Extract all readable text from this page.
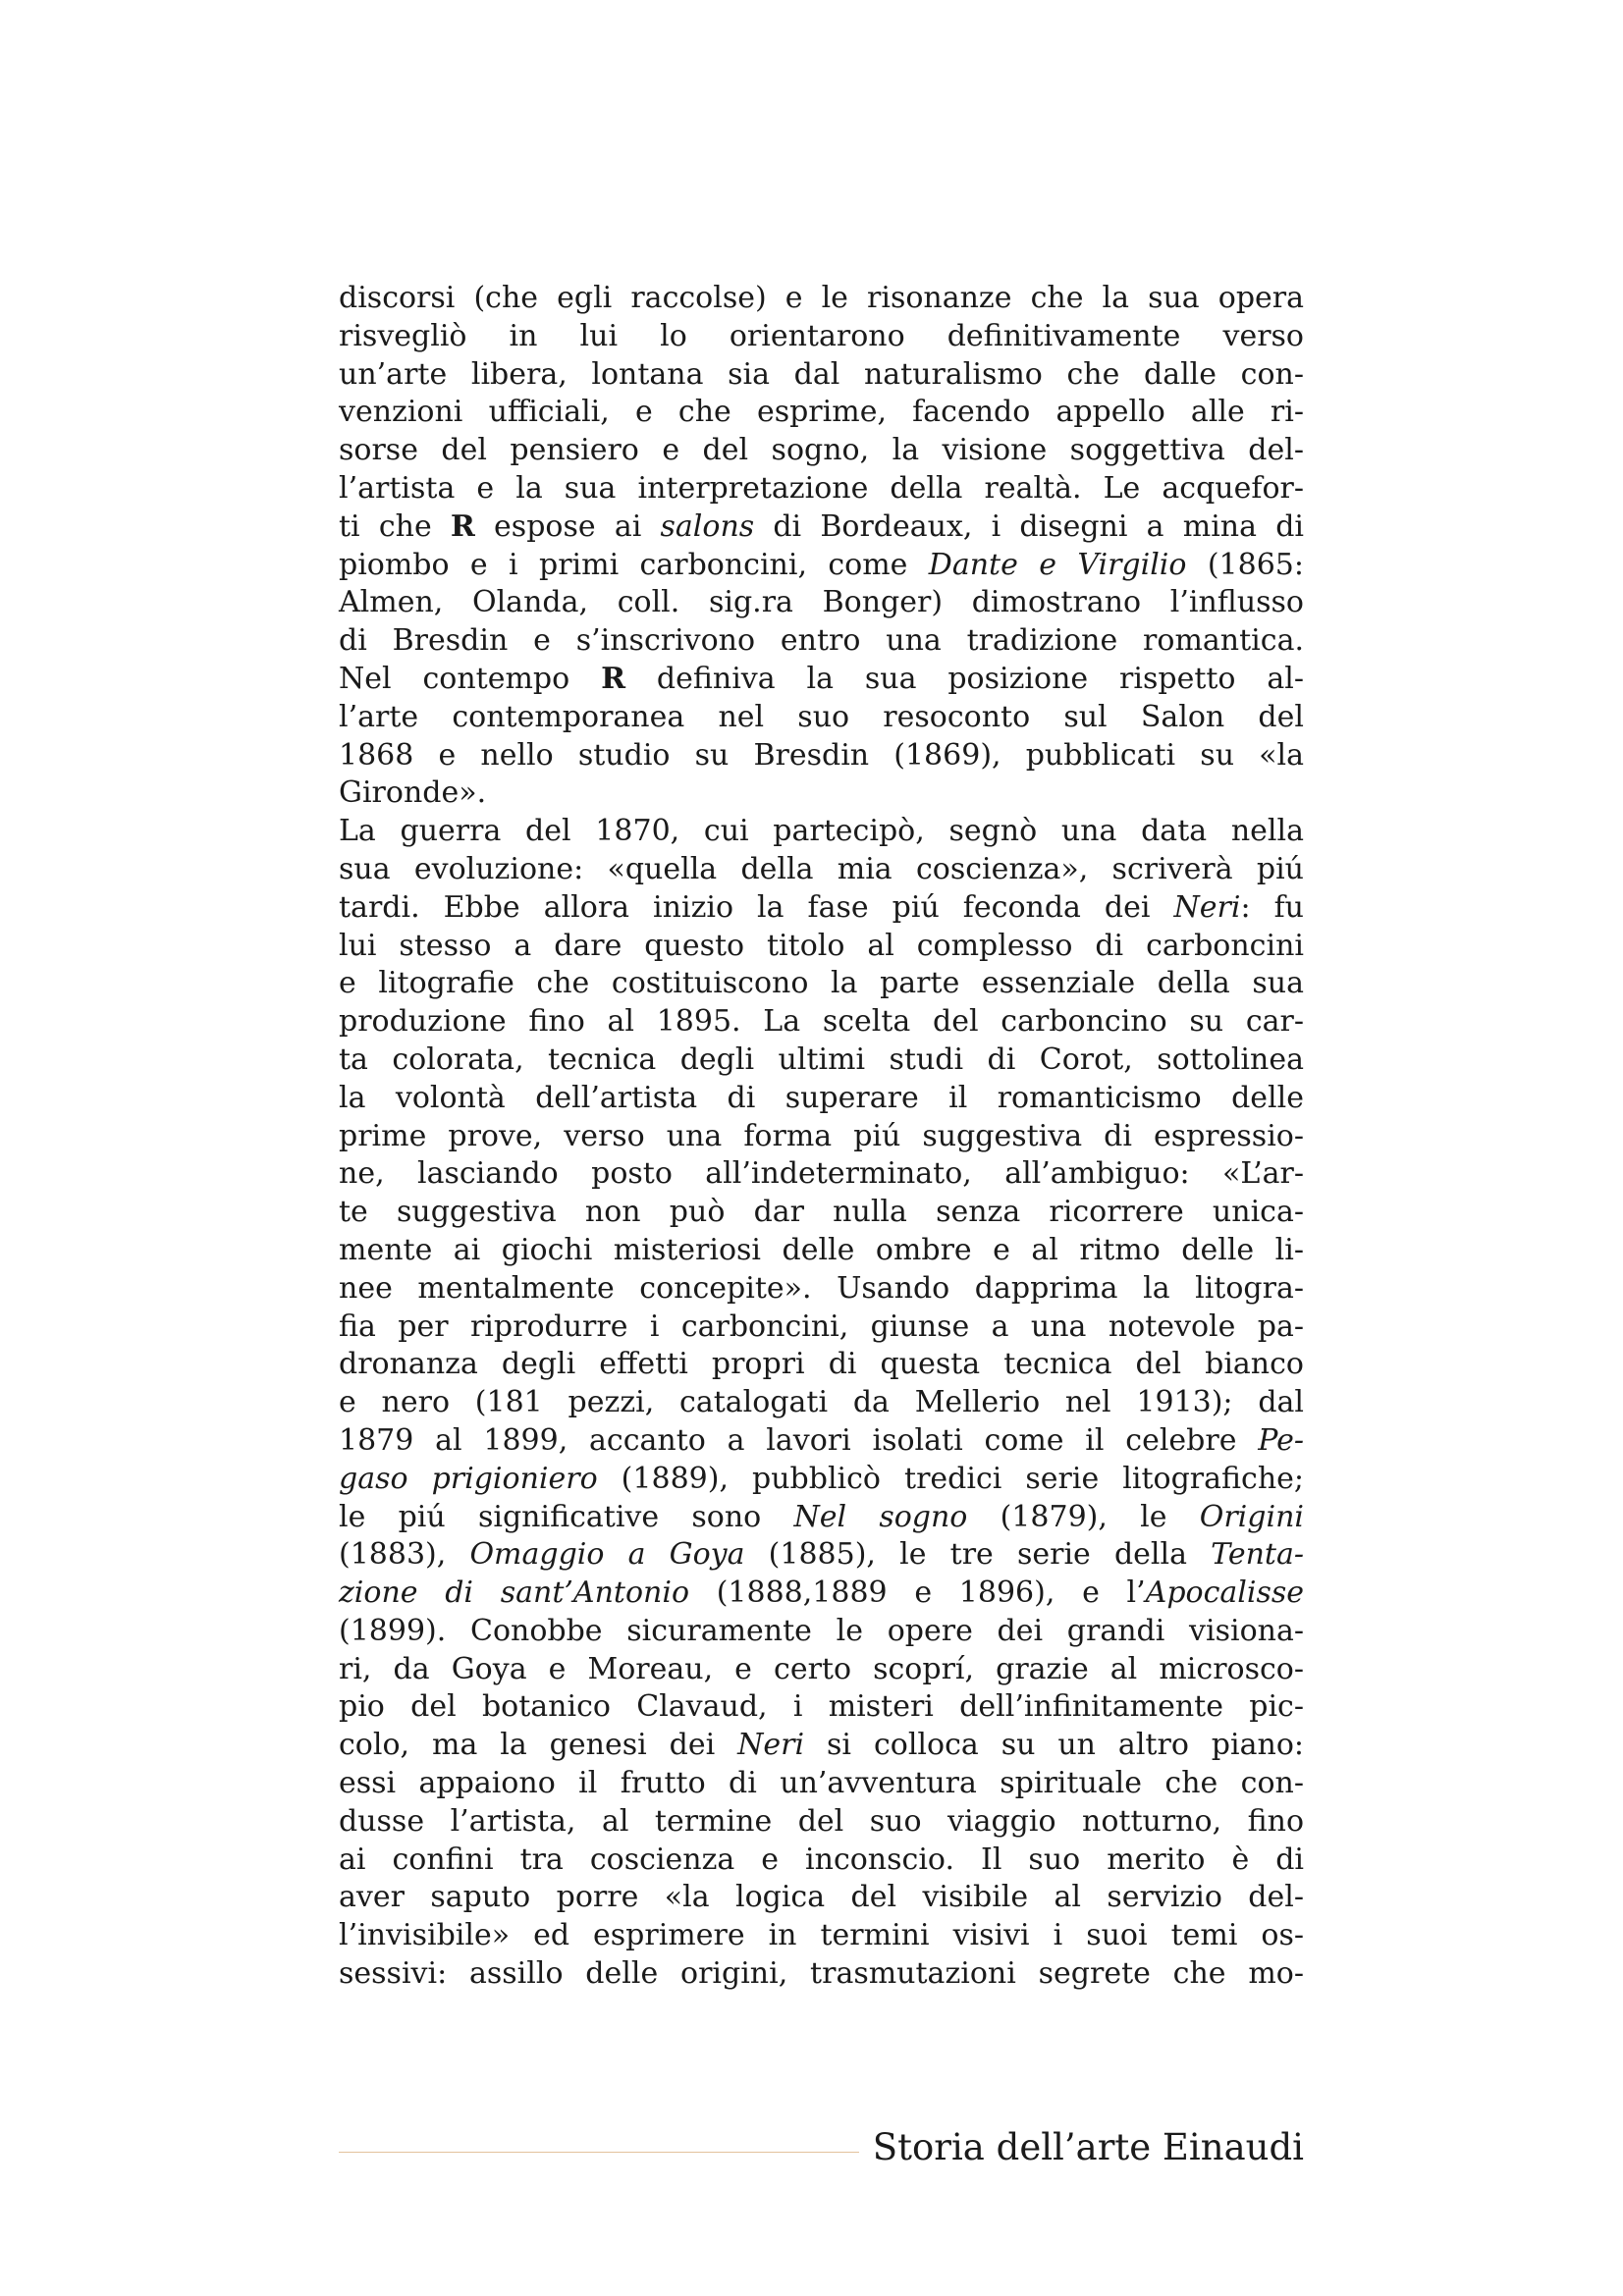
discorsi (che egli raccolse) e le risonanze che la sua opera
risvegliò in lui lo orientarono definitivamente verso
un’arte libera, lontana sia dal naturalismo che dalle con-
venzioni ufficiali, e che esprime, facendo appello alle ri-
sorse del pensiero e del sogno, la visione soggettiva del-
l’artista e la sua interpretazione della realtà. Le acquefor-
ti che R espose ai salons di Bordeaux, i disegni a mina di
piombo e i primi carboncini, come Dante e Virgilio (1865:
Almen, Olanda, coll. sig.ra Bonger) dimostrano l’influsso
di Bresdin e s’inscrivono entro una tradizione romantica.
Nel contempo R definiva la sua posizione rispetto al-
l’arte contemporanea nel suo resoconto sul Salon del
1868 e nello studio su Bresdin (1869), pubblicati su «la
Gironde».
La guerra del 1870, cui partecipò, segnò una data nella
sua evoluzione: «quella della mia coscienza», scriverà piú
tardi. Ebbe allora inizio la fase piú feconda dei Neri: fu
lui stesso a dare questo titolo al complesso di carboncini
e litografie che costituiscono la parte essenziale della sua
produzione fino al 1895. La scelta del carboncino su car-
ta colorata, tecnica degli ultimi studi di Corot, sottolinea
la volontà dell’artista di superare il romanticismo delle
prime prove, verso una forma piú suggestiva di espressio-
ne, lasciando posto all’indeterminato, all’ambiguo: «L’ar-
te suggestiva non può dar nulla senza ricorrere unica-
mente ai giochi misteriosi delle ombre e al ritmo delle li-
nee mentalmente concepite». Usando dapprima la litogra-
fia per riprodurre i carboncini, giunse a una notevole pa-
dronanza degli effetti propri di questa tecnica del bianco
e nero (181 pezzi, catalogati da Mellerio nel 1913); dal
1879 al 1899, accanto a lavori isolati come il celebre Pe-
gaso prigioniero (1889), pubblicò tredici serie litografiche;
le piú significative sono Nel sogno (1879), le Origini
(1883), Omaggio a Goya (1885), le tre serie della Tenta-
zione di sant’Antonio (1888,1889 e 1896), e l’Apocalisse
(1899). Conobbe sicuramente le opere dei grandi visiona-
ri, da Goya e Moreau, e certo scoprí, grazie al microsco-
pio del botanico Clavaud, i misteri dell’infinitamente pic-
colo, ma la genesi dei Neri si colloca su un altro piano:
essi appaiono il frutto di un’avventura spirituale che con-
dusse l’artista, al termine del suo viaggio notturno, fino
ai confini tra coscienza e inconscio. Il suo merito è di
aver saputo porre «la logica del visibile al servizio del-
l’invisibile» ed esprimere in termini visivi i suoi temi os-
sessivi: assillo delle origini, trasmutazioni segrete che mo-
Storia dell’arte Einaudi
